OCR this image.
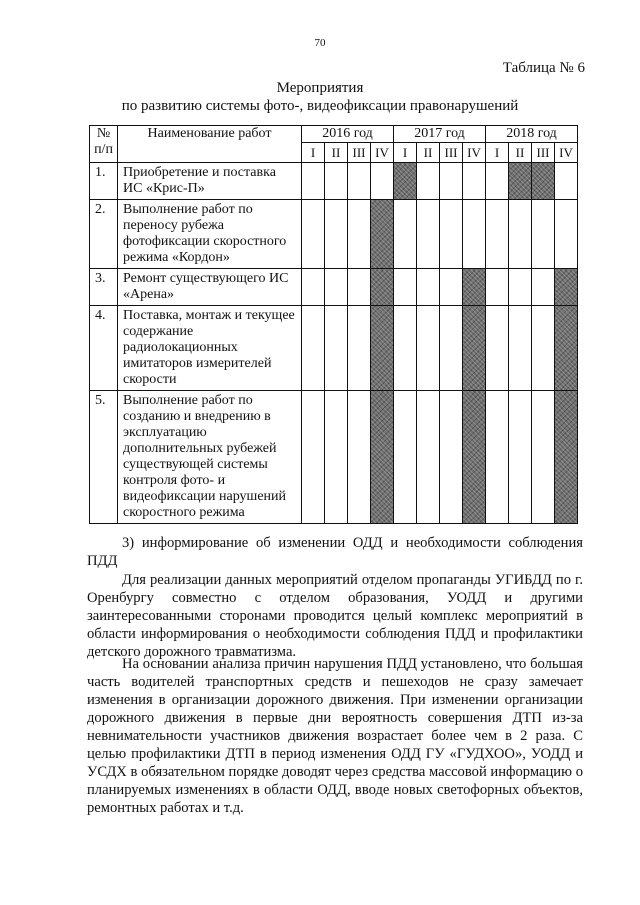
70
Таблица № 6
Мероприятия
по развитию системы фото-, видеофиксации правонарушений
№ п/п	Наименование работ	2016 год				2017 год				2018 год			
		I	II	III	IV	I	II	III	IV	I	II	III	IV
1.	Приобретение и поставка ИС «Крис-П»												
2.	Выполнение работ по переносу рубежа фотофиксации скоростного режима «Кордон»												
3.	Ремонт существующего ИС «Арена»												
4.	Поставка, монтаж и текущее содержание радиолокационных имитаторов измерителей скорости												
5.	Выполнение работ по созданию и внедрению в эксплуатацию дополнительных рубежей существующей системы контроля фото- и видеофиксации нарушений скоростного режима												

3) информирование об изменении ОДД и необходимости соблюдения ПДД

Для реализации данных мероприятий отделом пропаганды УГИБДД по г. Оренбургу совместно с отделом образования, УОДД и другими заинтересованными сторонами проводится целый комплекс мероприятий в области информирования о необходимости соблюдения ПДД и профилактики детского дорожного травматизма.

На основании анализа причин нарушения ПДД установлено, что большая часть водителей транспортных средств и пешеходов не сразу замечает изменения в организации дорожного движения. При изменении организации дорожного движения в первые дни вероятность совершения ДТП из-за невнимательности участников движения возрастает более чем в 2 раза. С целью профилактики ДТП в период изменения ОДД ГУ «ГУДХОО», УОДД и УСДХ в обязательном порядке доводят через средства массовой информацию о планируемых изменениях в области ОДД, вводе новых светофорных объектов, ремонтных работах и т.д.
